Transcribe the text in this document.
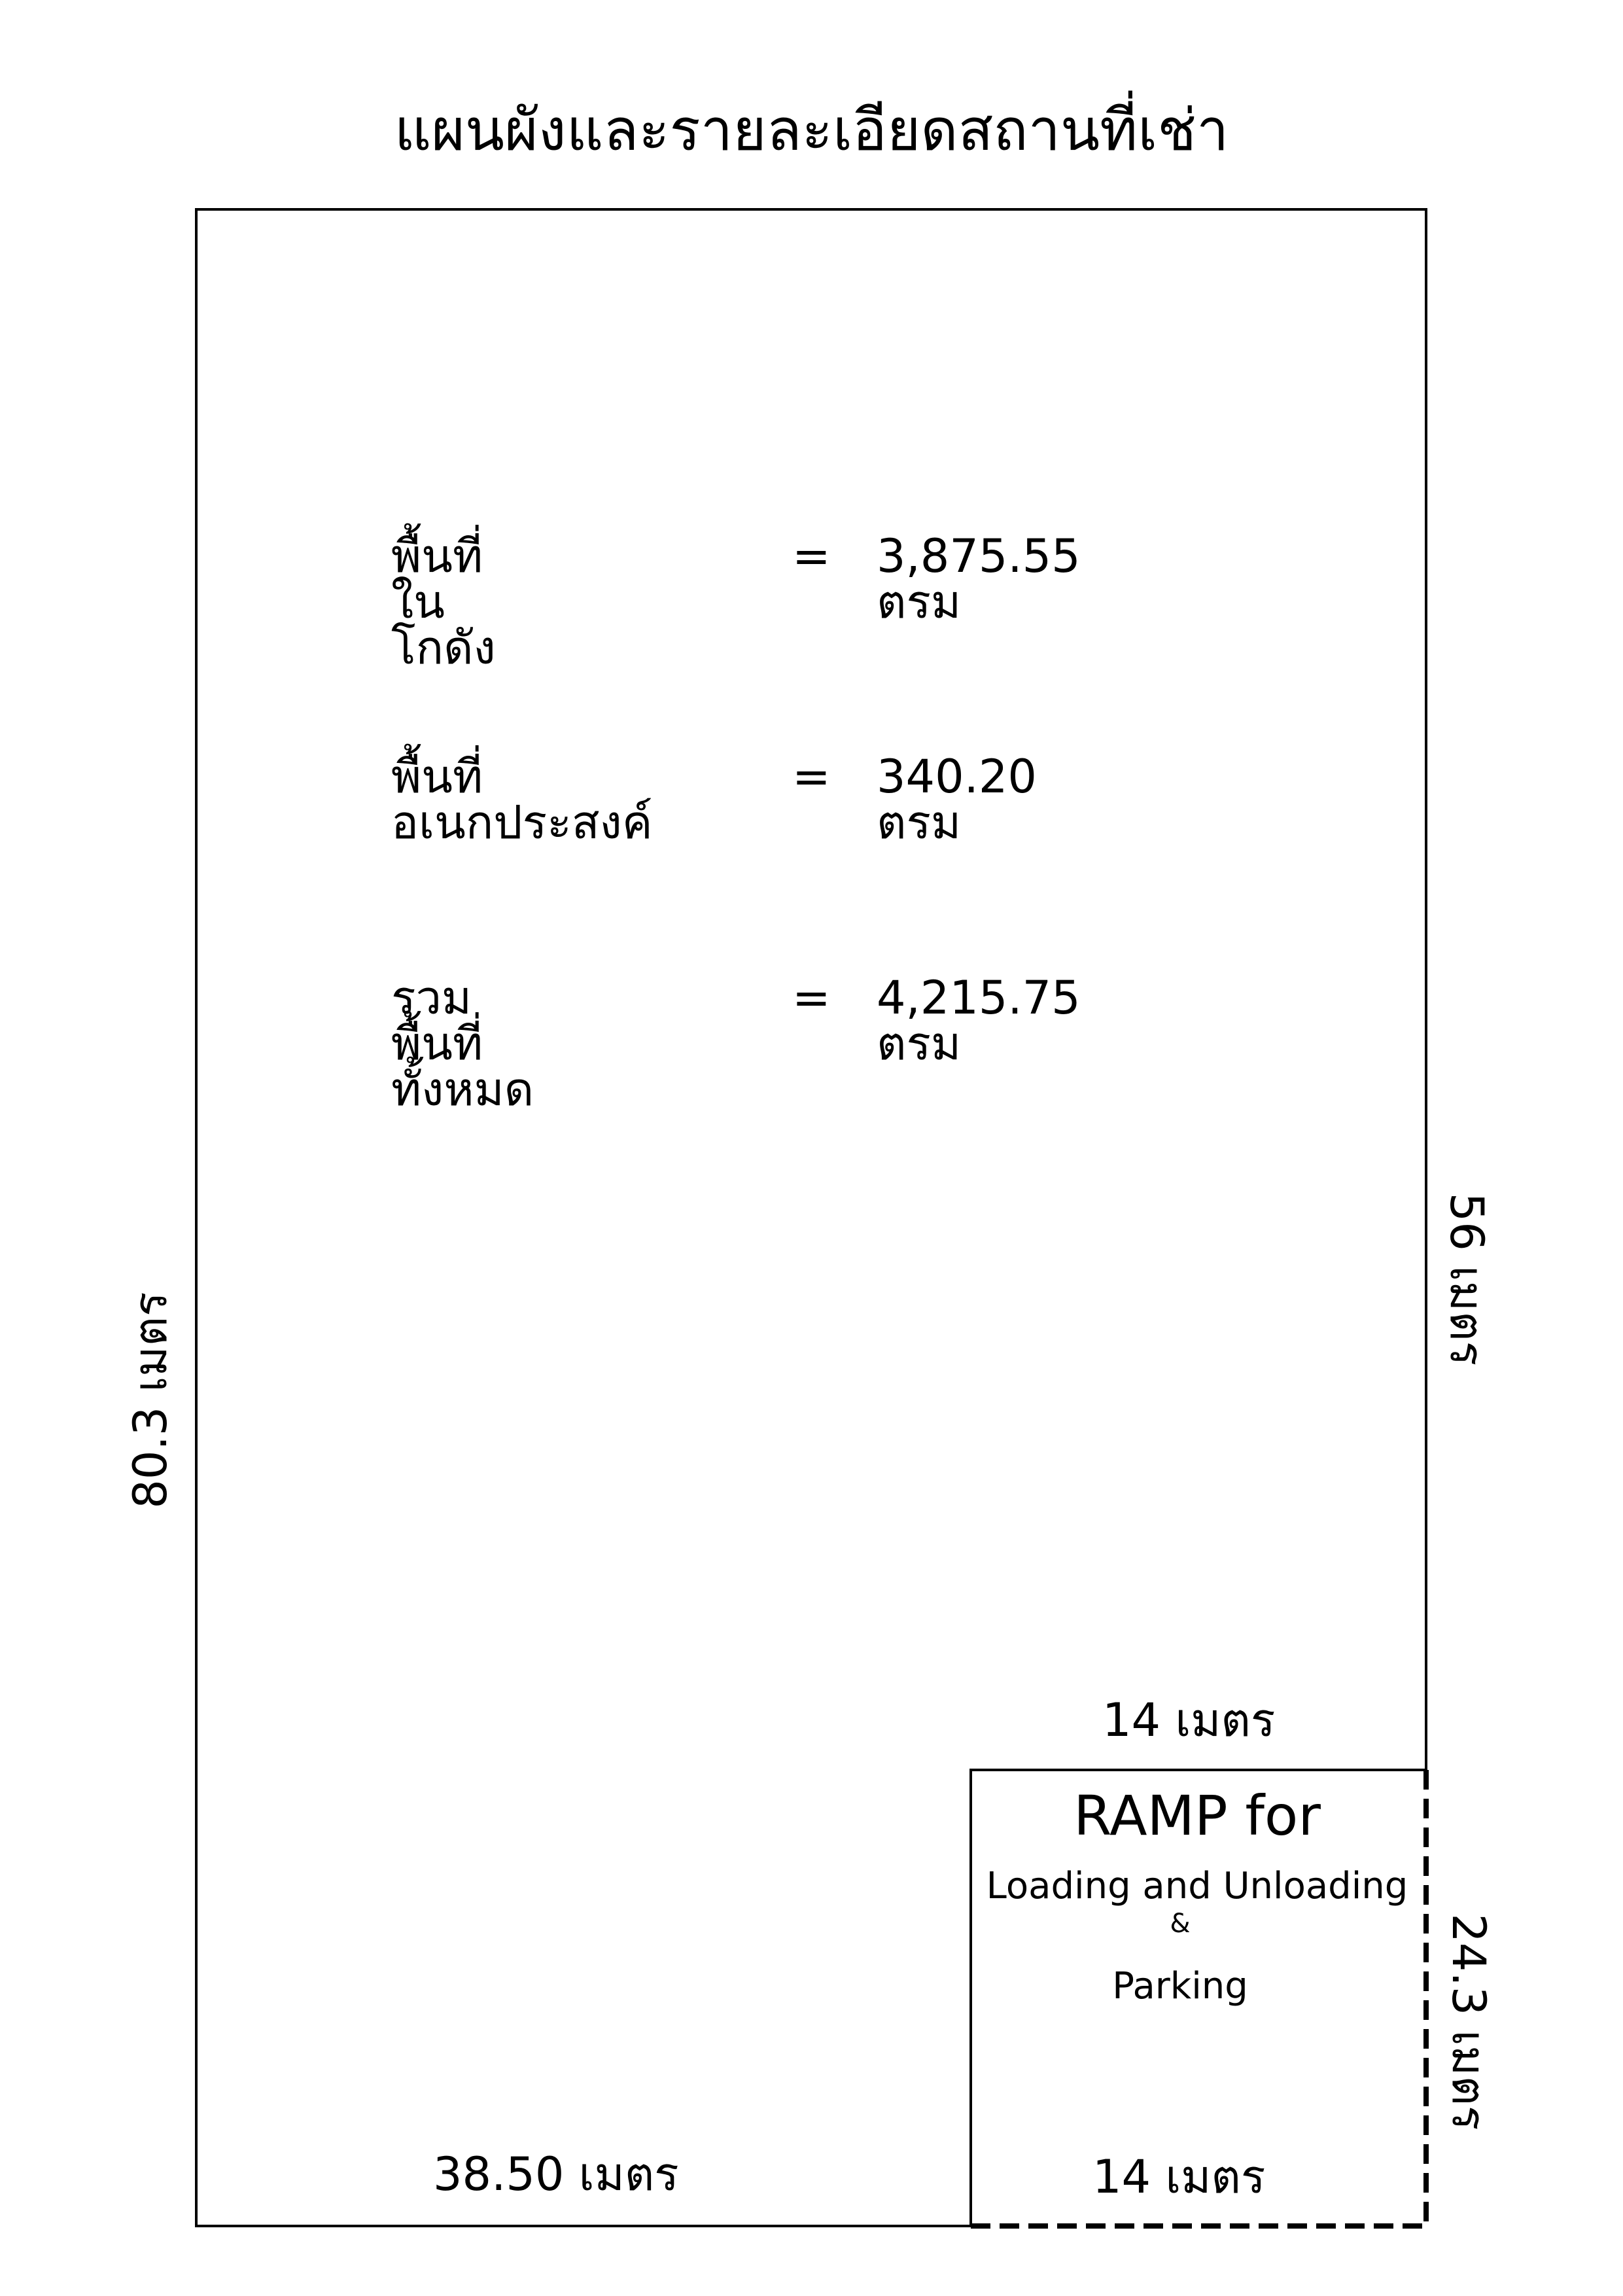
แผนผังและรายละเอียดสถานที่เช่า
พื้นที่ในโกดัง
= 3,875.55 ตรม
พื้นที่อเนกประสงค์
= 340.20 ตรม
รวมพื้นที่ทั้งหมด
= 4,215.75 ตรม
80.3 เมตร
56 เมตร
24.3 เมตร
38.50 เมตร
14 เมตร
14 เมตร
RAMP for
Loading and Unloading
&
Parking
